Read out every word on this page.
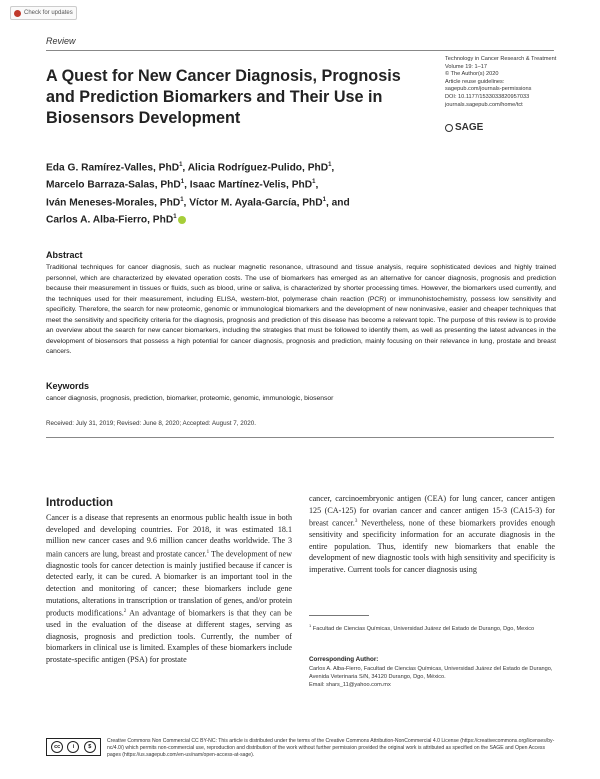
Check for updates
Review
A Quest for New Cancer Diagnosis, Prognosis and Prediction Biomarkers and Their Use in Biosensors Development
Technology in Cancer Research & Treatment
Volume 19: 1–17
© The Author(s) 2020
Article reuse guidelines:
sagepub.com/journals-permissions
DOI: 10.1177/1533033820957033
journals.sagepub.com/home/tct
SAGE
Eda G. Ramírez-Valles, PhD$^1$, Alicia Rodríguez-Pulido, PhD$^1$,
Marcelo Barraza-Salas, PhD$^1$, Isaac Martínez-Velis, PhD$^1$,
Iván Meneses-Morales, PhD$^1$, Víctor M. Ayala-García, PhD$^1$, and
Carlos A. Alba-Fierro, PhD$^1$
Abstract
Traditional techniques for cancer diagnosis, such as nuclear magnetic resonance, ultrasound and tissue analysis, require sophisticated devices and highly trained personnel, which are characterized by elevated operation costs. The use of biomarkers has emerged as an alternative for cancer diagnosis, prognosis and prediction because their measurement in tissues or fluids, such as blood, urine or saliva, is characterized by shorter processing times. However, the biomarkers used currently, and the techniques used for their measurement, including ELISA, western-blot, polymerase chain reaction (PCR) or immunohistochemistry, possess low sensitivity and specificity. Therefore, the search for new proteomic, genomic or immunological biomarkers and the development of new noninvasive, easier and cheaper techniques that meet the sensitivity and specificity criteria for the diagnosis, prognosis and prediction of this disease has become a relevant topic. The purpose of this review is to provide an overview about the search for new cancer biomarkers, including the strategies that must be followed to identify them, as well as presenting the latest advances in the development of biosensors that possess a high potential for cancer diagnosis, prognosis and prediction, mainly focusing on their relevance in lung, prostate and breast cancers.
Keywords
cancer diagnosis, prognosis, prediction, biomarker, proteomic, genomic, immunologic, biosensor
Received: July 31, 2019; Revised: June 8, 2020; Accepted: August 7, 2020.
Introduction
Cancer is a disease that represents an enormous public health issue in both developed and developing countries. For 2018, it was estimated 18.1 million new cancer cases and 9.6 million cancer deaths worldwide. The 3 main cancers are lung, breast and prostate cancer.$^1$ The development of new diagnostic tools for cancer detection is mainly justified because if cancer is detected early, it can be cured. A biomarker is an important tool in the detection and monitoring of cancer; these biomarkers include gene mutations, alterations in transcription or translation of genes, and/or protein products modifications.$^2$ An advantage of biomarkers is that they can be used in the evaluation of the disease at different stages, serving as diagnosis, prognosis and prediction tools. Currently, the number of biomarkers in clinical use is limited. Examples of these biomarkers include prostate-specific antigen (PSA) for prostate
cancer, carcinoembryonic antigen (CEA) for lung cancer, cancer antigen 125 (CA-125) for ovarian cancer and cancer antigen 15-3 (CA15-3) for breast cancer.$^3$ Nevertheless, none of these biomarkers provides enough sensitivity and specificity information for an accurate diagnosis in the entire population. Thus, identify new biomarkers that enable the development of new diagnostic tools with high sensitivity and specificity is imperative. Current tools for cancer diagnosis using
$^1$ Facultad de Ciencias Químicas, Universidad Juárez del Estado de Durango, Dgo, Mexico
Corresponding Author:
Carlos A. Alba-Fierro, Facultad de Ciencias Químicas, Universidad Juárez del Estado de Durango, Avenida Veterinaria S/N, 34120 Durango, Dgo, México.
Email: shars_11@yahoo.com.mx
cc	i	$
Creative Commons Non Commercial CC BY-NC: This article is distributed under the terms of the Creative Commons Attribution-NonCommercial 4.0 License (https://creativecommons.org/licenses/by-nc/4.0/) which permits non-commercial use, reproduction and distribution of the work without further permission provided the original work is attributed as specified on the SAGE and Open Access pages (https://us.sagepub.com/en-us/nam/open-access-at-sage).
